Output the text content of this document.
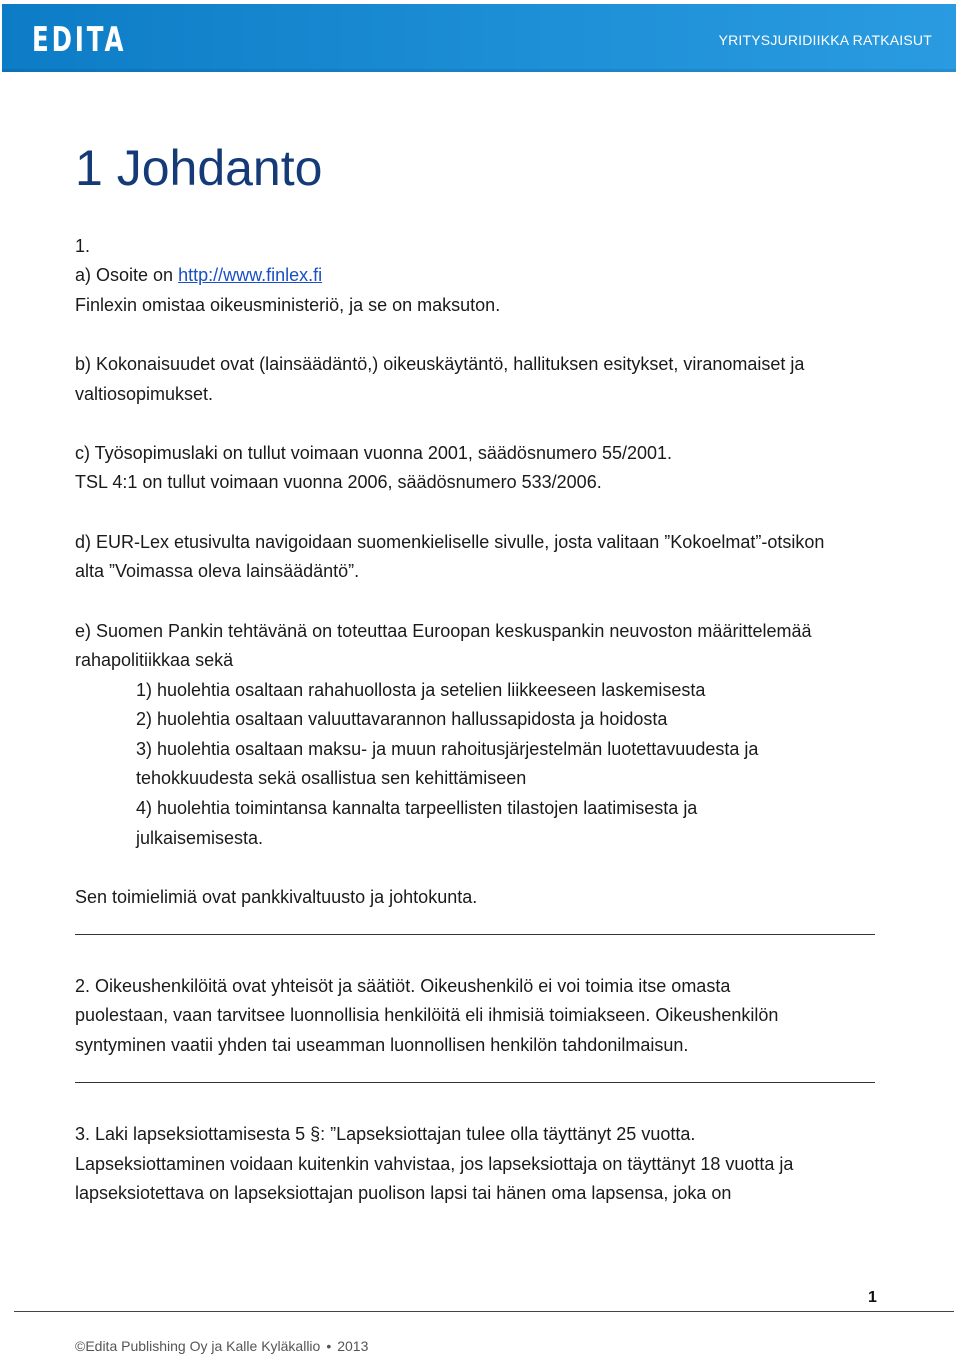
EDITA	YRITYSJURIDIIKKA RATKAISUT
1 Johdanto
1.
a) Osoite on http://www.finlex.fi
Finlexin omistaa oikeusministeriö, ja se on maksuton.
b) Kokonaisuudet ovat (lainsäädäntö,) oikeuskäytäntö, hallituksen esitykset, viranomaiset ja
valtiosopimukset.
c) Työsopimuslaki on tullut voimaan vuonna 2001, säädösnumero 55/2001.
TSL 4:1 on tullut voimaan vuonna 2006, säädösnumero 533/2006.
d) EUR-Lex etusivulta navigoidaan suomenkieliselle sivulle, josta valitaan ”Kokoelmat”-otsikon
alta ”Voimassa oleva lainsäädäntö”.
e) Suomen Pankin tehtävänä on toteuttaa Euroopan keskuspankin neuvoston määrittelemää
rahapolitiikkaa sekä
1) huolehtia osaltaan rahahuollosta ja setelien liikkeeseen laskemisesta
2) huolehtia osaltaan valuuttavarannon hallussapidosta ja hoidosta
3) huolehtia osaltaan maksu- ja muun rahoitusjärjestelmän luotettavuudesta ja
tehokkuudesta sekä osallistua sen kehittämiseen
4) huolehtia toimintansa kannalta tarpeellisten tilastojen laatimisesta ja
julkaisemisesta.
Sen toimielimiä ovat pankkivaltuusto ja johtokunta.
2. Oikeushenkilöitä ovat yhteisöt ja säätiöt. Oikeushenkilö ei voi toimia itse omasta
puolestaan, vaan tarvitsee luonnollisia henkilöitä eli ihmisiä toimiakseen. Oikeushenkilön
syntyminen vaatii yhden tai useamman luonnollisen henkilön tahdonilmaisun.
3. Laki lapseksiottamisesta 5 §: ”Lapseksiottajan tulee olla täyttänyt 25 vuotta.
Lapseksiottaminen voidaan kuitenkin vahvistaa, jos lapseksiottaja on täyttänyt 18 vuotta ja
lapseksiotettava on lapseksiottajan puolison lapsi tai hänen oma lapsensa, joka on
1
©Edita Publishing Oy ja Kalle Kyläkallio • 2013
